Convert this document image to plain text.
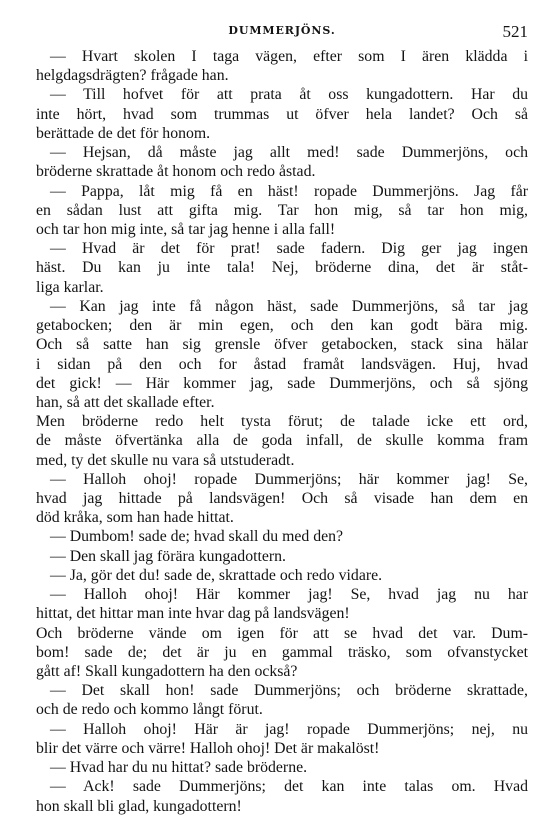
DUMMERJÖNS.	521
— Hvart skolen I taga vägen, efter som I ären klädda i
helgdagsdrägten? frågade han.
— Till hofvet för att prata åt oss kungadottern. Har du
inte hört, hvad som trummas ut öfver hela landet? Och så
berättade de det för honom.
— Hejsan, då måste jag allt med! sade Dummerjöns, och
bröderne skrattade åt honom och redo åstad.
— Pappa, låt mig få en häst! ropade Dummerjöns. Jag får
en sådan lust att gifta mig. Tar hon mig, så tar hon mig,
och tar hon mig inte, så tar jag henne i alla fall!
— Hvad är det för prat! sade fadern. Dig ger jag ingen
häst. Du kan ju inte tala! Nej, bröderne dina, det är ståt-
liga karlar.
— Kan jag inte få någon häst, sade Dummerjöns, så tar jag
getabocken; den är min egen, och den kan godt bära mig.
Och så satte han sig grensle öfver getabocken, stack sina hälar
i sidan på den och for åstad framåt landsvägen. Huj, hvad
det gick! — Här kommer jag, sade Dummerjöns, och så sjöng
han, så att det skallade efter.
Men bröderne redo helt tysta förut; de talade icke ett ord,
de måste öfvertänka alla de goda infall, de skulle komma fram
med, ty det skulle nu vara så utstuderadt.
— Halloh ohoj! ropade Dummerjöns; här kommer jag! Se,
hvad jag hittade på landsvägen! Och så visade han dem en
död kråka, som han hade hittat.
— Dumbom! sade de; hvad skall du med den?
— Den skall jag förära kungadottern.
— Ja, gör det du! sade de, skrattade och redo vidare.
— Halloh ohoj! Här kommer jag! Se, hvad jag nu har
hittat, det hittar man inte hvar dag på landsvägen!
Och bröderne vände om igen för att se hvad det var. Dum-
bom! sade de; det är ju en gammal träsko, som ofvanstycket
gått af! Skall kungadottern ha den också?
— Det skall hon! sade Dummerjöns; och bröderne skrattade,
och de redo och kommo långt förut.
— Halloh ohoj! Här är jag! ropade Dummerjöns; nej, nu
blir det värre och värre! Halloh ohoj! Det är makalöst!
— Hvad har du nu hittat? sade bröderne.
— Ack! sade Dummerjöns; det kan inte talas om. Hvad
hon skall bli glad, kungadottern!
